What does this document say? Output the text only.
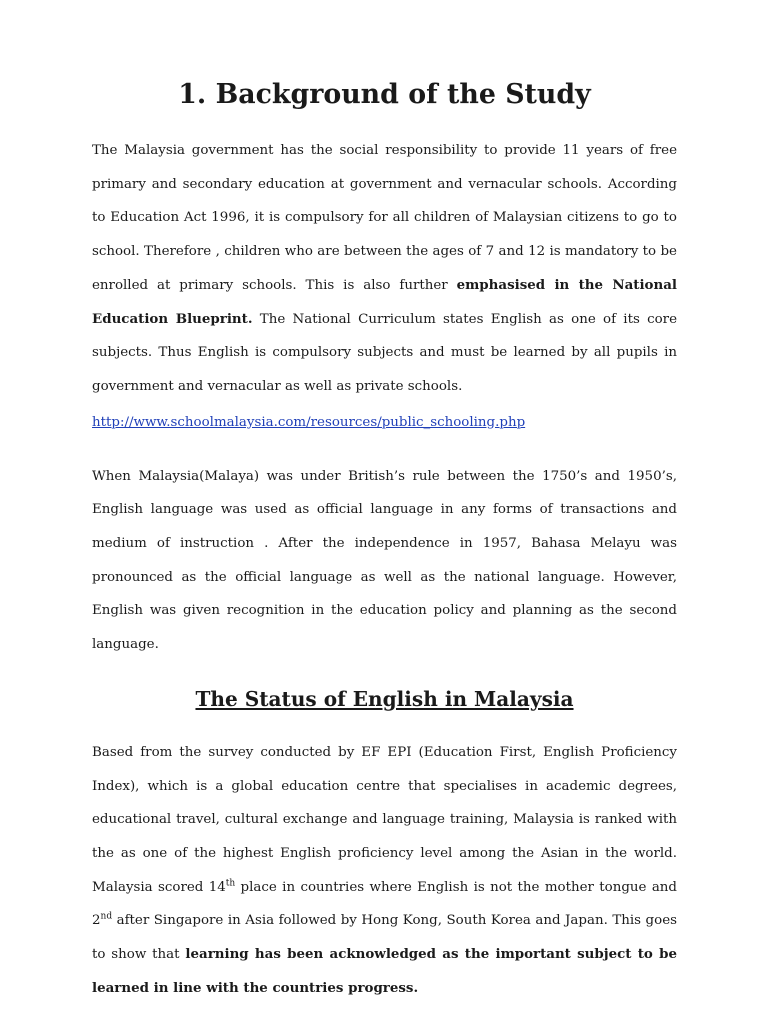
1. Background of the Study

The Malaysia government has the social responsibility to provide 11 years of free primary and secondary education at government and vernacular schools. According to Education Act 1996, it is compulsory for all children of Malaysian citizens to go to school. Therefore , children who are between the ages of 7 and 12 is mandatory to be enrolled at primary schools. This is also further emphasised in the National Education Blueprint. The National Curriculum states English as one of its core subjects. Thus English is compulsory subjects and must be learned by all pupils in government and vernacular as well as private schools.

http://www.schoolmalaysia.com/resources/public_schooling.php

When Malaysia(Malaya) was under British’s rule between the 1750’s and 1950’s, English language was used as official language in any forms of transactions and medium of instruction . After the independence in 1957, Bahasa Melayu was pronounced as the official language as well as the national language. However, English was given recognition in the education policy and planning as the second language.

The Status of English in Malaysia

Based from the survey conducted by EF EPI (Education First, English Proficiency Index), which is a global education centre that specialises in academic degrees, educational travel, cultural exchange and language training, Malaysia is ranked with the as one of the highest English proficiency level among the Asian in the world. Malaysia scored 14th place in countries where English is not the mother tongue and 2nd after Singapore in Asia followed by Hong Kong, South Korea and Japan. This goes to show that learning has been acknowledged as the important subject to be learned in line with the countries progress.
